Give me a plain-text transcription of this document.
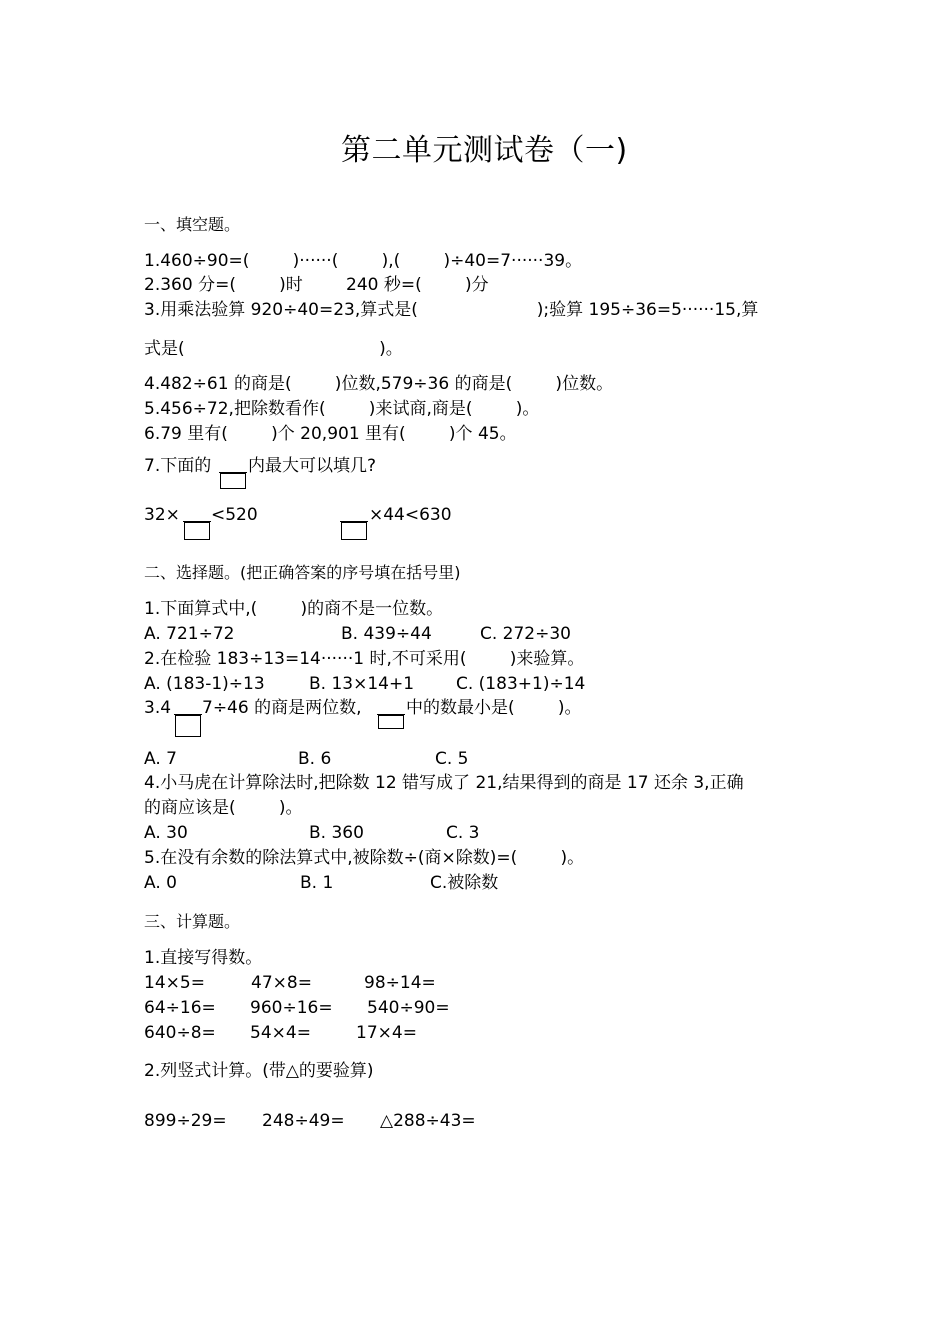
第二单元测试卷（一)
一、填空题。
1.460÷90=(        )······(        ),(        )÷40=7······39。
2.360 分=(        )时        240 秒=(        )分
3.用乘法验算 920÷40=23,算式是(                      );验算 195÷36=5······15,算
式是(                                    )。
4.482÷61 的商是(        )位数,579÷36 的商是(        )位数。
5.456÷72,把除数看作(        )来试商,商是(        )。
6.79 里有(        )个 20,901 里有(        )个 45。
7.下面的 内最大可以填几?
32× <520	×44<630
二、选择题。(把正确答案的序号填在括号里)
1.下面算式中,(        )的商不是一位数。
A. 721÷72	B. 439÷44	C. 272÷30
2.在检验 183÷13=14······1 时,不可采用(        )来验算。
A. (183-1)÷13	B. 13×14+1 C. (183+1)÷14
3.4 7÷46 的商是两位数,	中的数最小是(        )。
A. 7	B. 6	C. 5
4.小马虎在计算除法时,把除数 12 错写成了 21,结果得到的商是 17 还余 3,正确
的商应该是(        )。
A. 30	B. 360	C. 3
5.在没有余数的除法算式中,被除数÷(商×除数)=(        )。
A. 0	B. 1	C.被除数
三、计算题。
1.直接写得数。
14×5=	47×8=	98÷14=
64÷16= 960÷16= 540÷90=
640÷8= 54×4=	17×4=
2.列竖式计算。(带△的要验算)
899÷29= 248÷49= △288÷43=
